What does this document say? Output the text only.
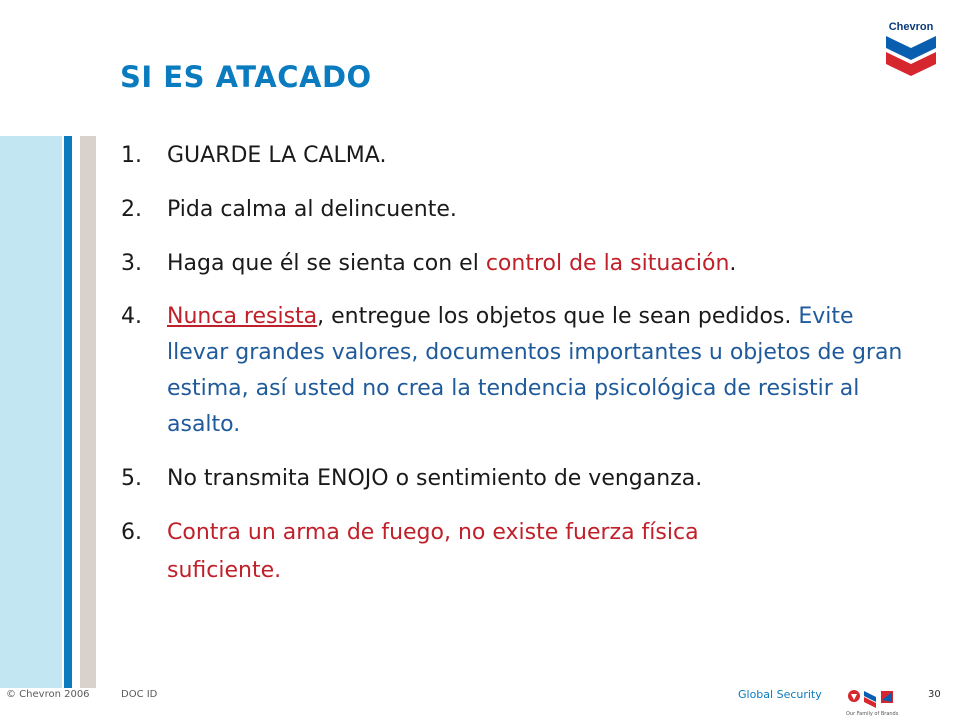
SI ES ATACADO
Chevron
1.	GUARDE LA CALMA.
2.	Pida calma al delincuente.
3.	Haga que él se sienta con el control de la situación.
4.	Nunca resista, entregue los objetos que le sean pedidos. Evite llevar grandes valores, documentos importantes u objetos de gran estima, así usted no crea la tendencia psicológica de resistir al asalto.
5.	No transmita ENOJO o sentimiento de venganza.
6.	Contra un arma de fuego, no existe fuerza física suficiente.
© Chevron 2006	DOC ID	Global Security
Our Family of Brands
30
